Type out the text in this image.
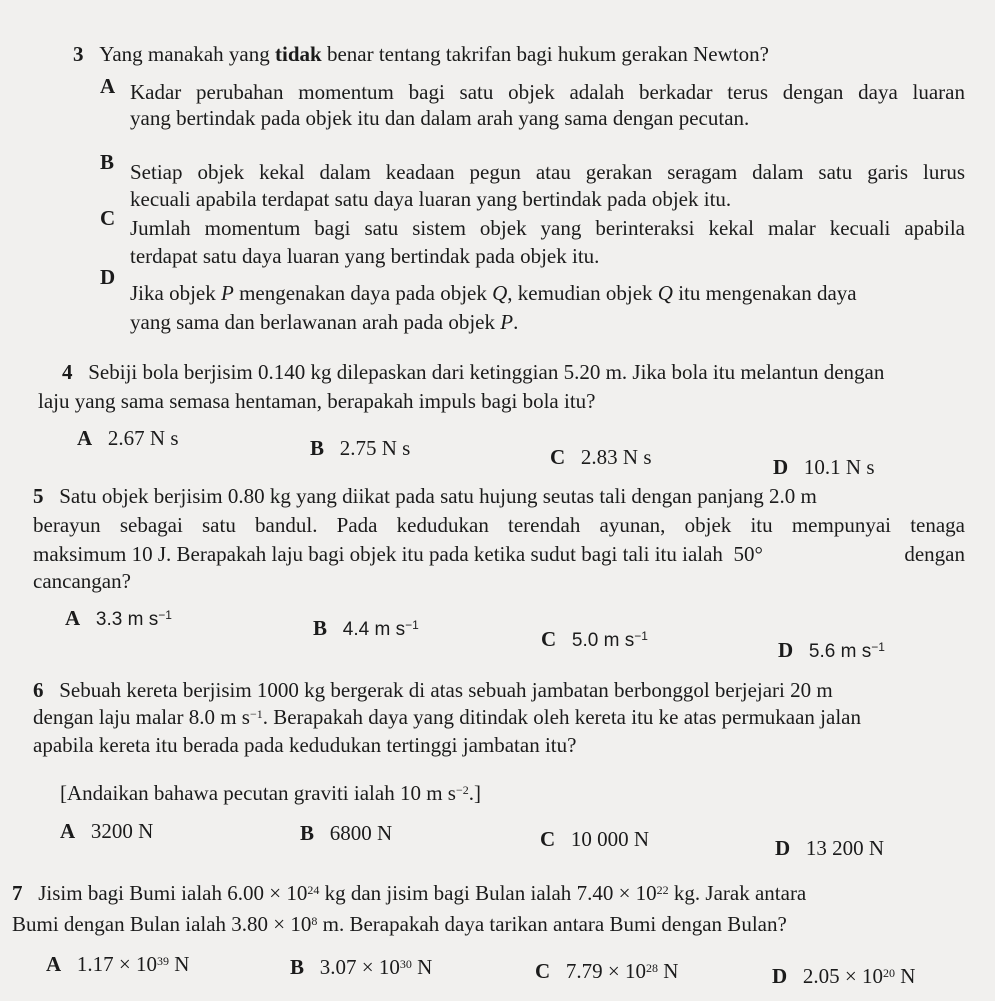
3 Yang manakah yang tidak benar tentang takrifan bagi hukum gerakan Newton?
A Kadar perubahan momentum bagi satu objek adalah berkadar terus dengan daya luaran
yang bertindak pada objek itu dan dalam arah yang sama dengan pecutan.
B Setiap objek kekal dalam keadaan pegun atau gerakan seragam dalam satu garis lurus
kecuali apabila terdapat satu daya luaran yang bertindak pada objek itu.
C Jumlah momentum bagi satu sistem objek yang berinteraksi kekal malar kecuali apabila
terdapat satu daya luaran yang bertindak pada objek itu.
D
Jika objek P mengenakan daya pada objek Q, kemudian objek Q itu mengenakan daya
yang sama dan berlawanan arah pada objek P.
4 Sebiji bola berjisim 0.140 kg dilepaskan dari ketinggian 5.20 m. Jika bola itu melantun dengan
laju yang sama semasa hentaman, berapakah impuls bagi bola itu?
A 2.67 N s	B 2.75 N s	C 2.83 N s	D 10.1 N s
5 Satu objek berjisim 0.80 kg yang diikat pada satu hujung seutas tali dengan panjang 2.0 m
berayun sebagai satu bandul. Pada kedudukan terendah ayunan, objek itu mempunyai tenaga
maksimum 10 J. Berapakah laju bagi objek itu pada ketika sudut bagi tali itu ialah 50°	dengan
cancangan?
A 3.3 m $s^{-1}$
B 4.4 m $s^{-1}$
C 5.0 m $s^{-1}$
D 5.6 m $s^{-1}$
6 Sebuah kereta berjisim 1000 kg bergerak di atas sebuah jambatan berbonggol berjejari 20 m
dengan laju malar 8.0 m $s^{-1}$. Berapakah daya yang ditindak oleh kereta itu ke atas permukaan jalan
apabila kereta itu berada pada kedudukan tertinggi jambatan itu?
[Andaikan bahawa pecutan graviti ialah 10 m $s^{-2}$.]
A 3200 N	B 6800 N	C 10 000 N	D 13 200 N
7 Jisim bagi Bumi ialah $6.00 \times 10^{24}$ kg dan jisim bagi Bulan ialah $7.40 \times 10^{22}$ kg. Jarak antara
Bumi dengan Bulan ialah $3.80 \times 10^8$ m. Berapakah daya tarikan antara Bumi dengan Bulan?
A $1.17 \times 10^{39}$ N	B $3.07 \times 10^{30}$ N	C $7.79 \times 10^{28}$ N	D $2.05 \times 10^{20}$ N
